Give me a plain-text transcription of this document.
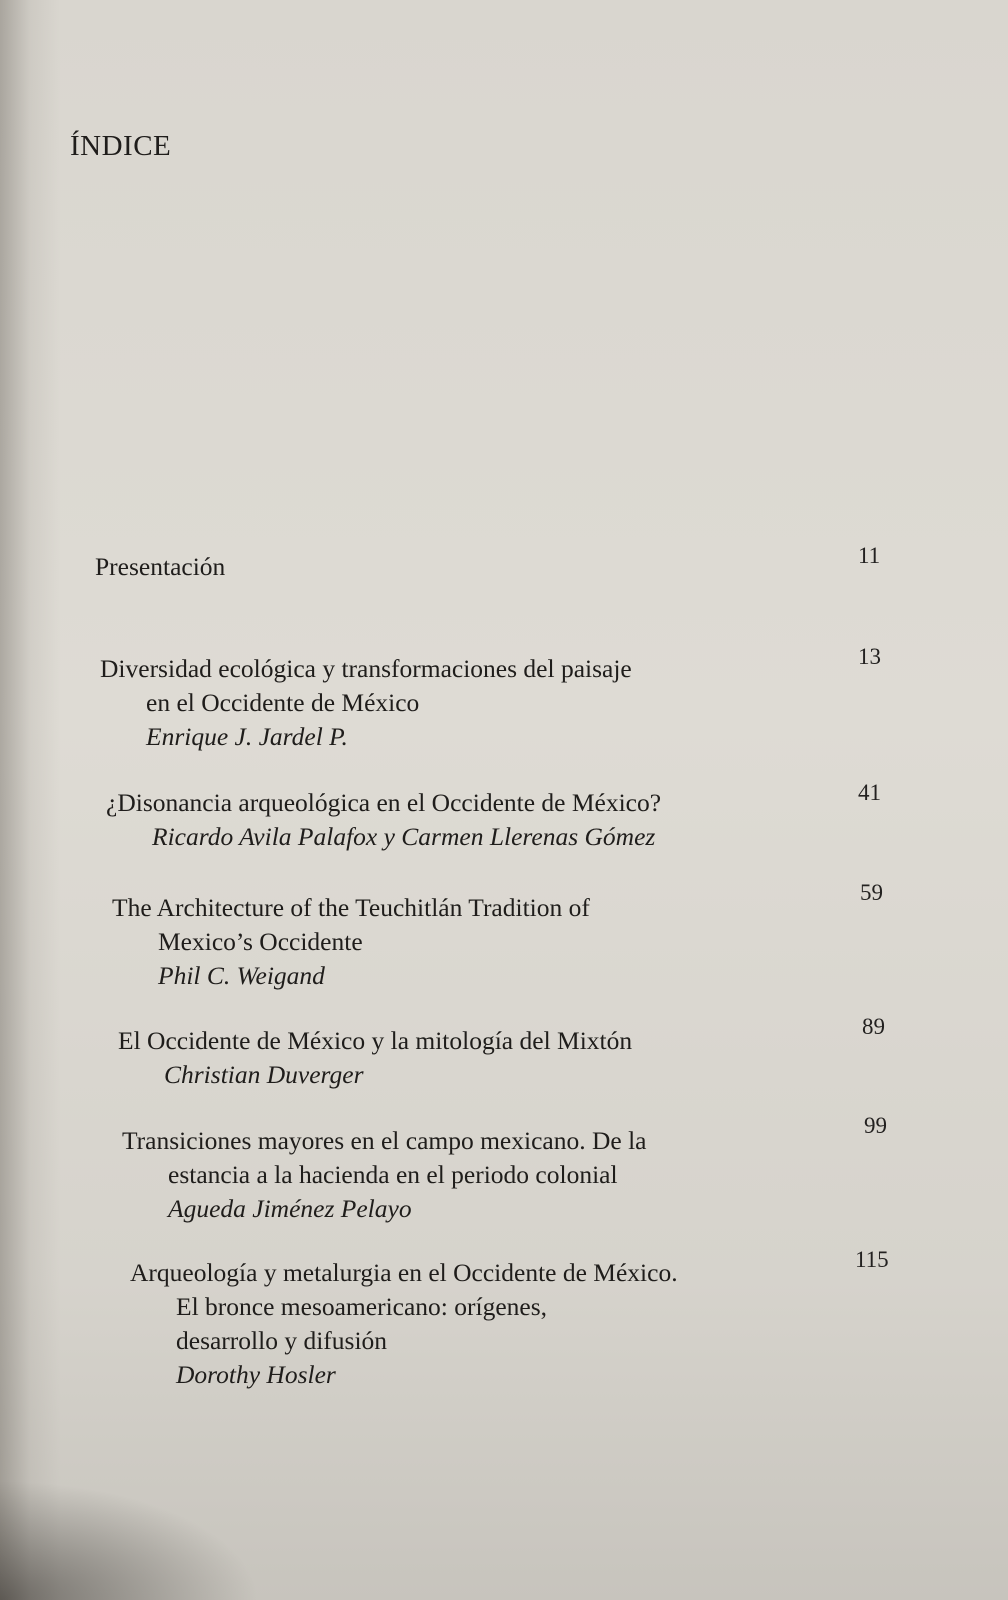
ÍNDICE
Presentación	11
Diversidad ecológica y transformaciones del paisaje
en el Occidente de México
Enrique J. Jardel P.
13
¿Disonancia arqueológica en el Occidente de México?
Ricardo Avila Palafox y Carmen Llerenas Gómez
41
The Architecture of the Teuchitlán Tradition of
Mexico’s Occidente
Phil C. Weigand
59
El Occidente de México y la mitología del Mixtón
Christian Duverger
89
Transiciones mayores en el campo mexicano. De la
estancia a la hacienda en el periodo colonial
Agueda Jiménez Pelayo
99
Arqueología y metalurgia en el Occidente de México.
El bronce mesoamericano: orígenes,
desarrollo y difusión
Dorothy Hosler
115
